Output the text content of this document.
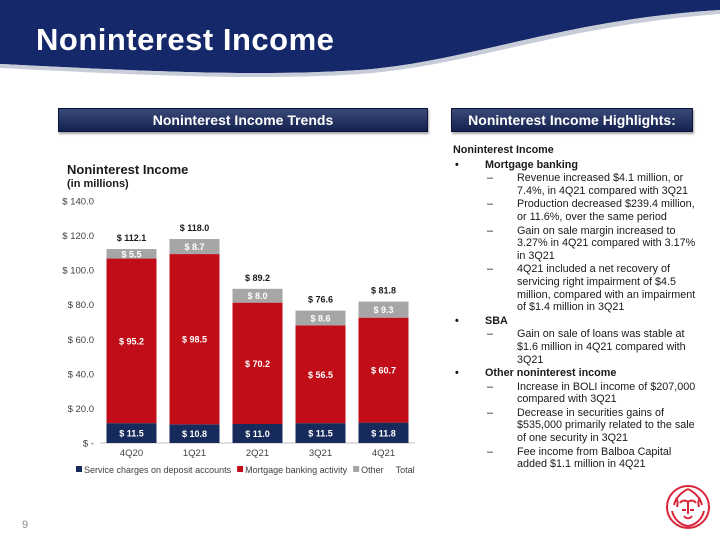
Noninterest Income
Noninterest Income Trends	Noninterest Income Highlights:
Noninterest Income
(in millions)
$ -
$ 20.0
$ 40.0
$ 60.0
$ 80.0
$ 100.0
$ 120.0
$ 140.0
$ 11.5
$ 95.2
$ 5.5
$ 112.1
4Q20
$ 10.8
$ 98.5
$ 8.7
$ 118.0
1Q21
$ 11.0
$ 70.2
$ 8.0
$ 89.2
2Q21
$ 11.5
$ 56.5
$ 8.6
$ 76.6
3Q21
$ 11.8
$ 60.7
$ 9.3
$ 81.8
4Q21
Service charges on deposit accounts Mortgage banking activity Other Total
Noninterest Income
• Mortgage banking
– Revenue increased $4.1 million, or 7.4%, in 4Q21 compared with 3Q21
– Production decreased $239.4 million, or 11.6%, over the same period
– Gain on sale margin increased to 3.27% in 4Q21 compared with 3.17% in 3Q21
– 4Q21 included a net recovery of servicing right impairment of $4.5 million, compared with an impairment of $1.4 million in 3Q21
• SBA
– Gain on sale of loans was stable at $1.6 million in 4Q21 compared with 3Q21
• Other noninterest income
– Increase in BOLI income of $207,000 compared with 3Q21
– Decrease in securities gains of $535,000 primarily related to the sale of one security in 3Q21
– Fee income from Balboa Capital added $1.1 million in 4Q21
9
